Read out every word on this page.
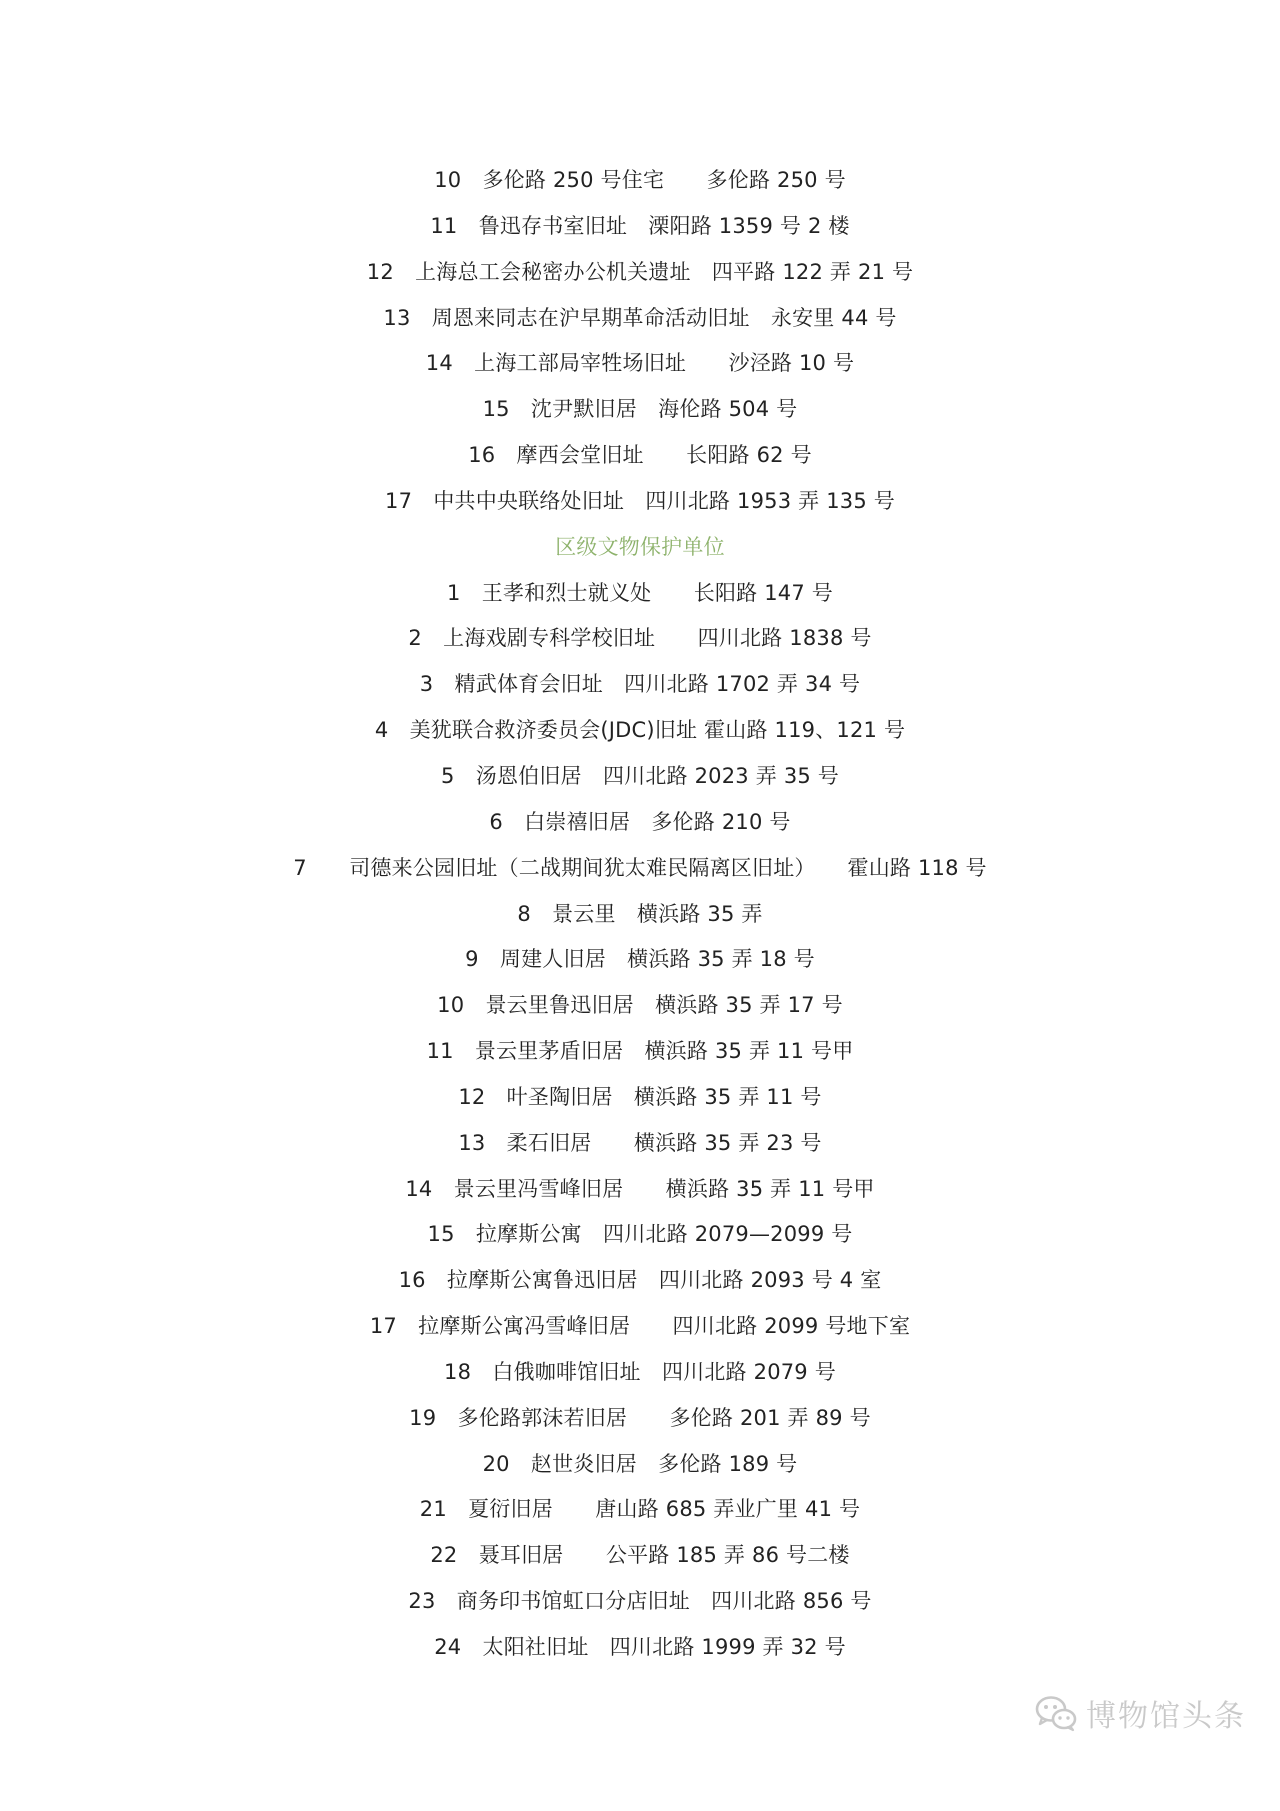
10　多伦路 250 号住宅　　多伦路 250 号
11　鲁迅存书室旧址　溧阳路 1359 号 2 楼
12　上海总工会秘密办公机关遗址　四平路 122 弄 21 号
13　周恩来同志在沪早期革命活动旧址　永安里 44 号
14　上海工部局宰牲场旧址　　沙泾路 10 号
15　沈尹默旧居　海伦路 504 号
16　摩西会堂旧址　　长阳路 62 号
17　中共中央联络处旧址　四川北路 1953 弄 135 号
区级文物保护单位
1　王孝和烈士就义处　　长阳路 147 号
2　上海戏剧专科学校旧址　　四川北路 1838 号
3　精武体育会旧址　四川北路 1702 弄 34 号
4　美犹联合救济委员会(JDC)旧址 霍山路 119、121 号
5　汤恩伯旧居　四川北路 2023 弄 35 号
6　白崇禧旧居　多伦路 210 号
7　　司德来公园旧址（二战期间犹太难民隔离区旧址）　　霍山路 118 号
8　景云里　横浜路 35 弄
9　周建人旧居　横浜路 35 弄 18 号
10　景云里鲁迅旧居　横浜路 35 弄 17 号
11　景云里茅盾旧居　横浜路 35 弄 11 号甲
12　叶圣陶旧居　横浜路 35 弄 11 号
13　柔石旧居　　横浜路 35 弄 23 号
14　景云里冯雪峰旧居　　横浜路 35 弄 11 号甲
15　拉摩斯公寓　四川北路 2079—2099 号
16　拉摩斯公寓鲁迅旧居　四川北路 2093 号 4 室
17　拉摩斯公寓冯雪峰旧居　　四川北路 2099 号地下室
18　白俄咖啡馆旧址　四川北路 2079 号
19　多伦路郭沫若旧居　　多伦路 201 弄 89 号
20　赵世炎旧居　多伦路 189 号
21　夏衍旧居　　唐山路 685 弄业广里 41 号
22　聂耳旧居　　公平路 185 弄 86 号二楼
23　商务印书馆虹口分店旧址　四川北路 856 号
24　太阳社旧址　四川北路 1999 弄 32 号
博物馆头条
